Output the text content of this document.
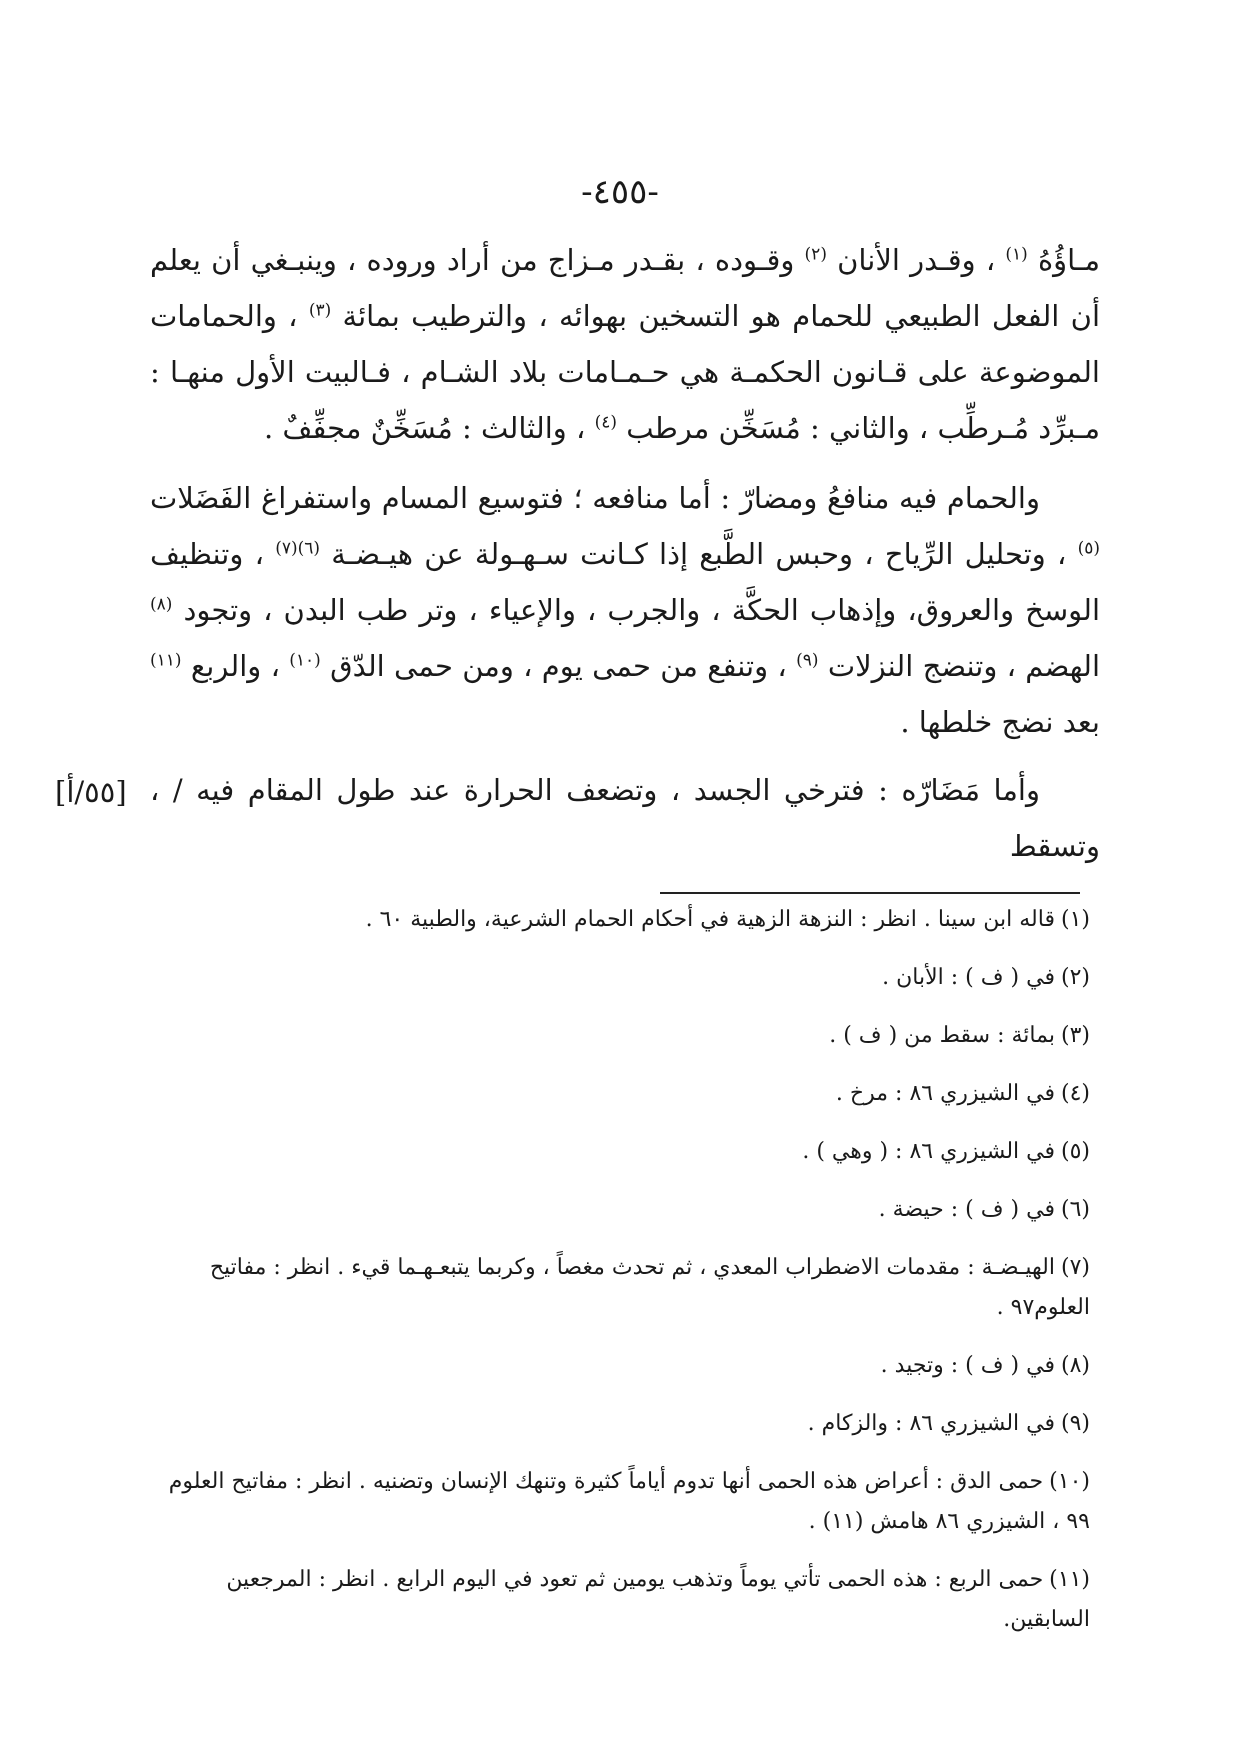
-٤٥٥-

مـاؤُهُ $^{(١)}$ ، وقـدر الأنان $^{(٢)}$ وقـوده ، بقـدر مـزاج من أراد وروده ، وينبـغي أن يعلم أن الفعل الطبيعي للحمام هو التسخين بهوائه ، والترطيب بمائة $^{(٣)}$ ، والحمامات الموضوعة على قـانون الحكمـة هي حـمـامات بلاد الشـام ، فـالبيت الأول منهـا : مـبرِّد مُـرطِّب ، والثاني : مُسَخِّن مرطب $^{(٤)}$ ، والثالث : مُسَخِّنٌ مجفِّفٌ .

والحمام فيه منافعُ ومضارّ : أما منافعه ؛ فتوسيع المسام واستفراغ الفَضَلات $^{(٥)}$ ، وتحليل الرِّياح ، وحبس الطَّبع إذا كـانت سـهـولة عن هيـضـة $^{(٦)(٧)}$ ، وتنظيف الوسخ والعروق، وإذهاب الحكَّة ، والجرب ، والإعياء ، وتر طب البدن ، وتجود $^{(٨)}$ الهضم ، وتنضج النزلات $^{(٩)}$ ، وتنفع من حمى يوم ، ومن حمى الدّق $^{(١٠)}$ ، والربع $^{(١١)}$ بعد نضج خلطها .

وأما مَضَارّه : فترخي الجسد ، وتضعف الحرارة عند طول المقام فيه / ، وتسقط

[٥٥/أ]

(١)قاله ابن سينا . انظر : النزهة الزهية في أحكام الحمام الشرعية، والطبية ٦٠ .

(٢)في ( ف ) : الأبان .

(٣)بمائة : سقط من ( ف ) .

(٤)في الشيزري ٨٦ : مرخ .

(٥)في الشيزري ٨٦ : ( وهي ) .

(٦)في ( ف ) : حيضة .

(٧)الهيـضـة : مقدمات الاضطراب المعدي ، ثم تحدث مغصاً ، وكربما يتبعـهـما قيء . انظر : مفاتيح العلوم٩٧ .

(٨)في ( ف ) : وتجيد .

(٩)في الشيزري ٨٦ : والزكام .

(١٠)حمى الدق : أعراض هذه الحمى أنها تدوم أياماً كثيرة وتنهك الإنسان وتضنيه . انظر : مفاتيح العلوم ٩٩ ، الشيزري ٨٦ هامش (١١) .

(١١)حمى الربع : هذه الحمى تأتي يوماً وتذهب يومين ثم تعود في اليوم الرابع . انظر : المرجعين السابقين.
